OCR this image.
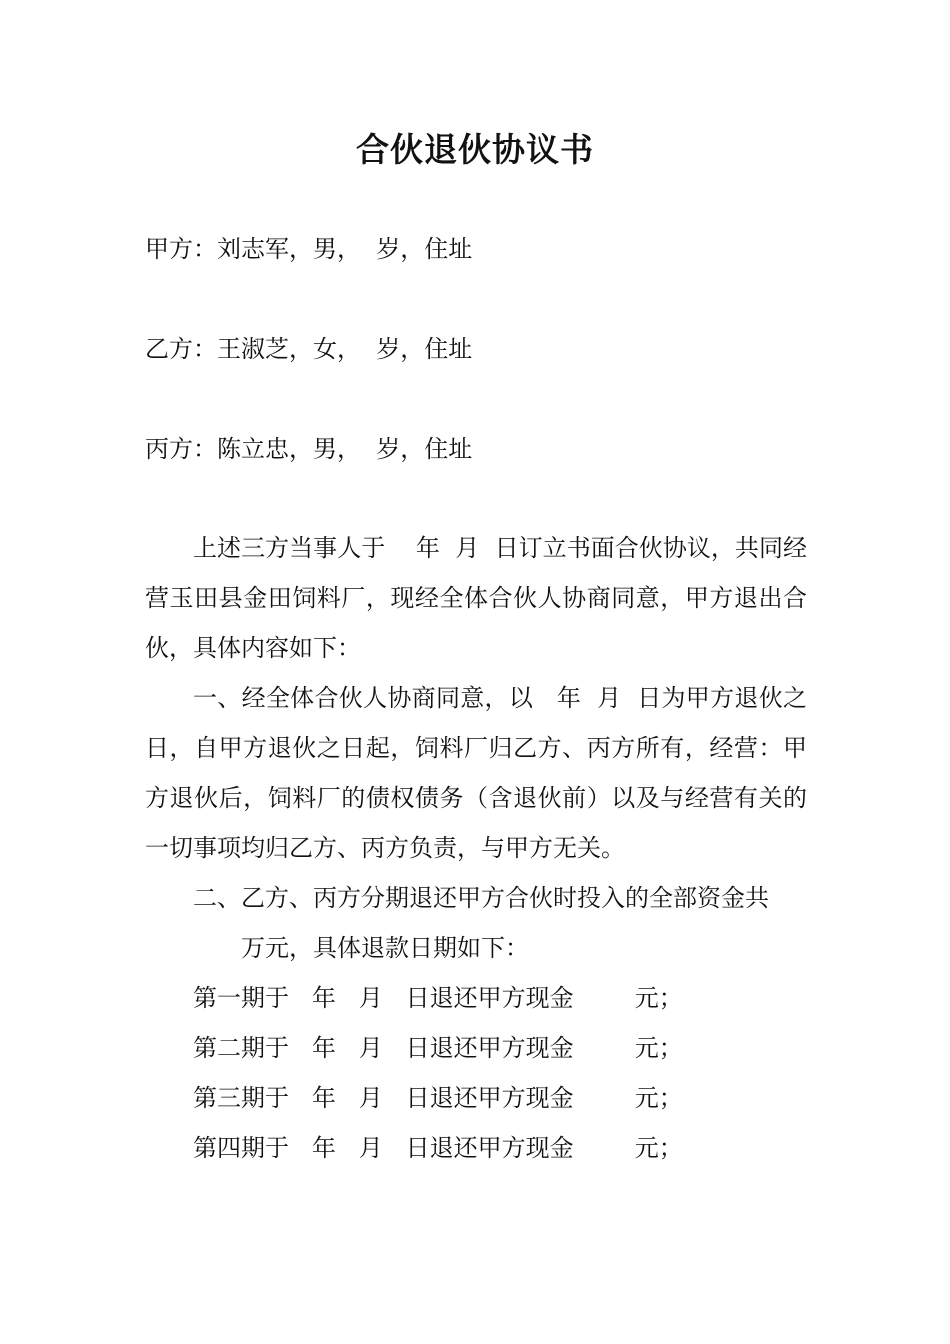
合伙退伙协议书
甲方：刘志军，男，  岁，住址
乙方：王淑芝，女，  岁，住址
丙方：陈立忠，男，  岁，住址

上述三方当事人于    年  月  日订立书面合伙协议，共同经营玉田县金田饲料厂，现经全体合伙人协商同意，甲方退出合伙，具体内容如下：

一、经全体合伙人协商同意，以   年  月  日为甲方退伙之日，自甲方退伙之日起，饲料厂归乙方、丙方所有，经营：甲方退伙后，饲料厂的债权债务（含退伙前）以及与经营有关的一切事项均归乙方、丙方负责，与甲方无关。

二、乙方、丙方分期退还甲方合伙时投入的全部资金共

万元，具体退款日期如下：

第一期于   年   月   日退还甲方现金        元；

第二期于   年   月   日退还甲方现金        元；

第三期于   年   月   日退还甲方现金        元；

第四期于   年   月   日退还甲方现金        元；
